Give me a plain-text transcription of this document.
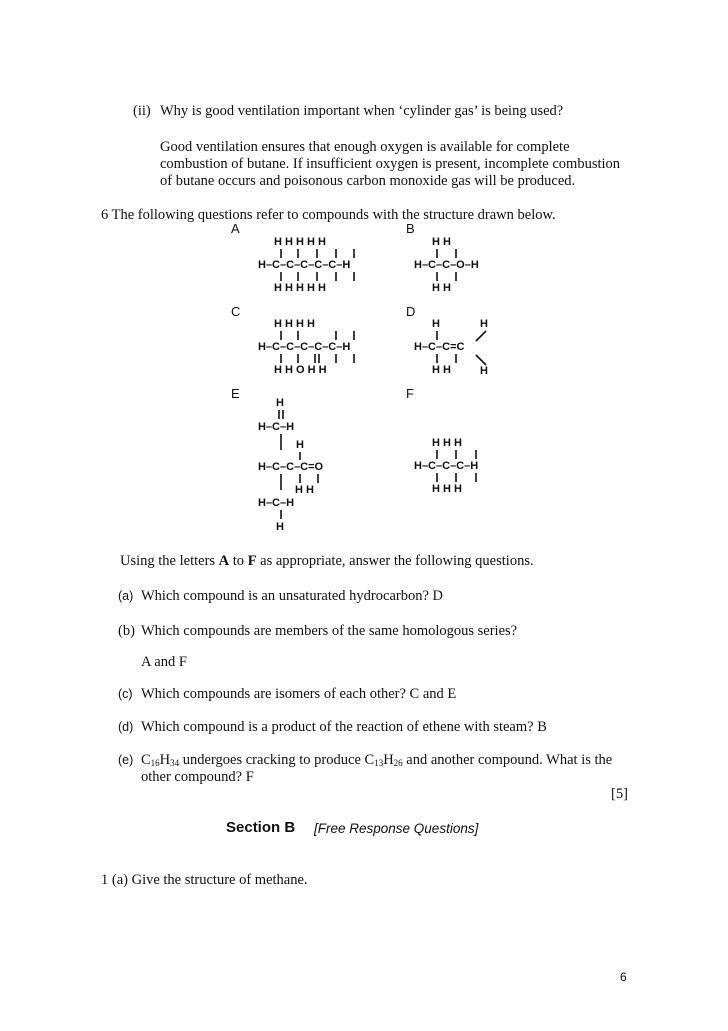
(ii) Why is good ventilation important when ‘cylinder gas’ is being used?
Good ventilation ensures that enough oxygen is available for complete
combustion of butane. If insufficient oxygen is present, incomplete combustion
of butane occurs and poisonous carbon monoxide gas will be produced.
6 The following questions refer to compounds with the structure drawn below.
A	B
C	D
E	F
H H H H H
H–C–C–C–C–C–H
H H H H H
H H
H–C–C–O–H
H H
H H H H
H–C–C–C–C–C–H
H H O H H
H	H
H–C–C=C
H H	H
H
H–C–H
H
H–C–C–C=O
H H
H–C–H
H
H H H
H–C–C–C–H
H H H
Using the letters A to F as appropriate, answer the following questions.
(a) Which compound is an unsaturated hydrocarbon? D
(b) Which compounds are members of the same homologous series?
A and F
(c) Which compounds are isomers of each other? C and E
(d) Which compound is a product of the reaction of ethene with steam? B
(e) $C_{16}H_{34}$ undergoes cracking to produce $C_{13}H_{26}$ and another compound. What is the
other compound? F
[5]
Section B [Free Response Questions]
1 (a) Give the structure of methane.
6
